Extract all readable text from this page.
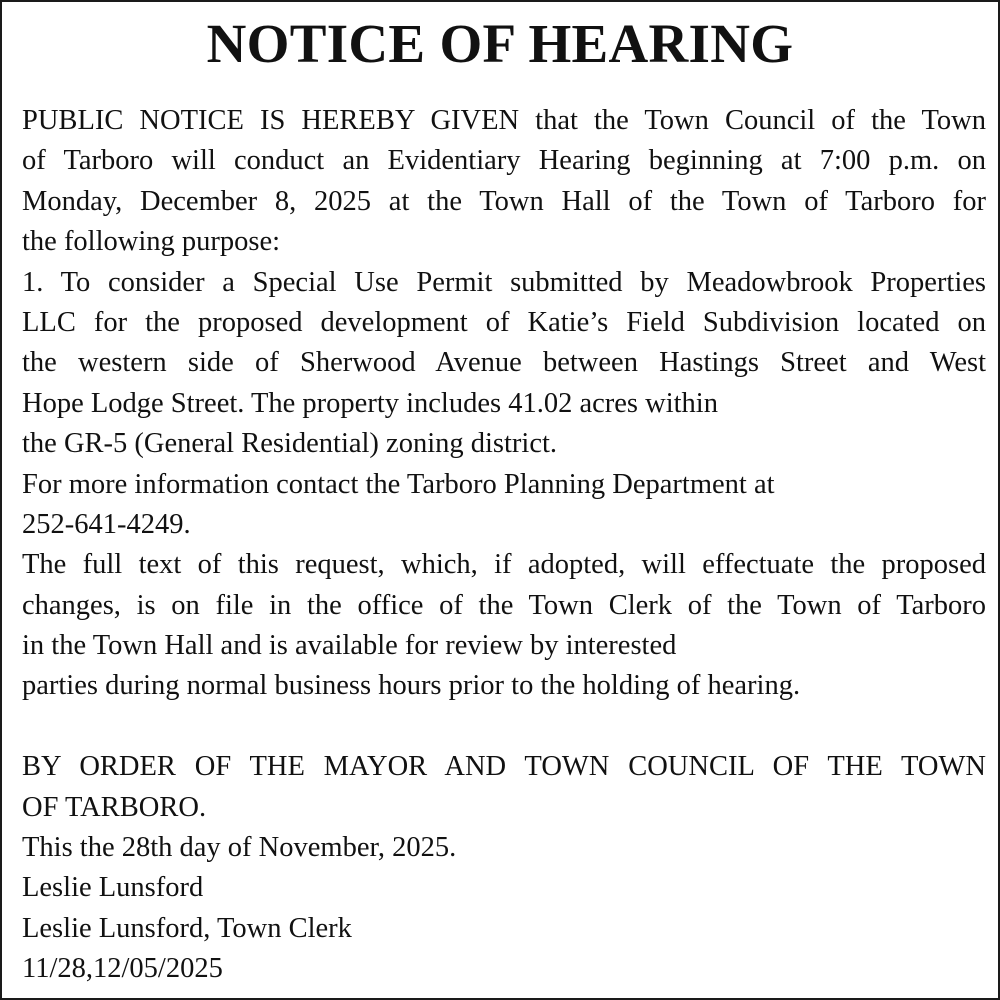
NOTICE OF HEARING
PUBLIC NOTICE IS HEREBY GIVEN that the Town Council of the Town
of Tarboro will conduct an Evidentiary Hearing beginning at 7:00 p.m. on
Monday, December 8, 2025 at the Town Hall of the Town of Tarboro for
the following purpose:
1. To consider a Special Use Permit submitted by Meadowbrook Properties
LLC for the proposed development of Katie’s Field Subdivision located on
the western side of Sherwood Avenue between Hastings Street and West
Hope Lodge Street. The property includes 41.02 acres within
the GR-5 (General Residential) zoning district.
For more information contact the Tarboro Planning Department at
252-641-4249.
The full text of this request, which, if adopted, will effectuate the proposed
changes, is on file in the office of the Town Clerk of the Town of Tarboro
in the Town Hall and is available for review by interested
parties during normal business hours prior to the holding of hearing.
BY ORDER OF THE MAYOR AND TOWN COUNCIL OF THE TOWN
OF TARBORO.
This the 28th day of November, 2025.
Leslie Lunsford
Leslie Lunsford, Town Clerk
11/28,12/05/2025
